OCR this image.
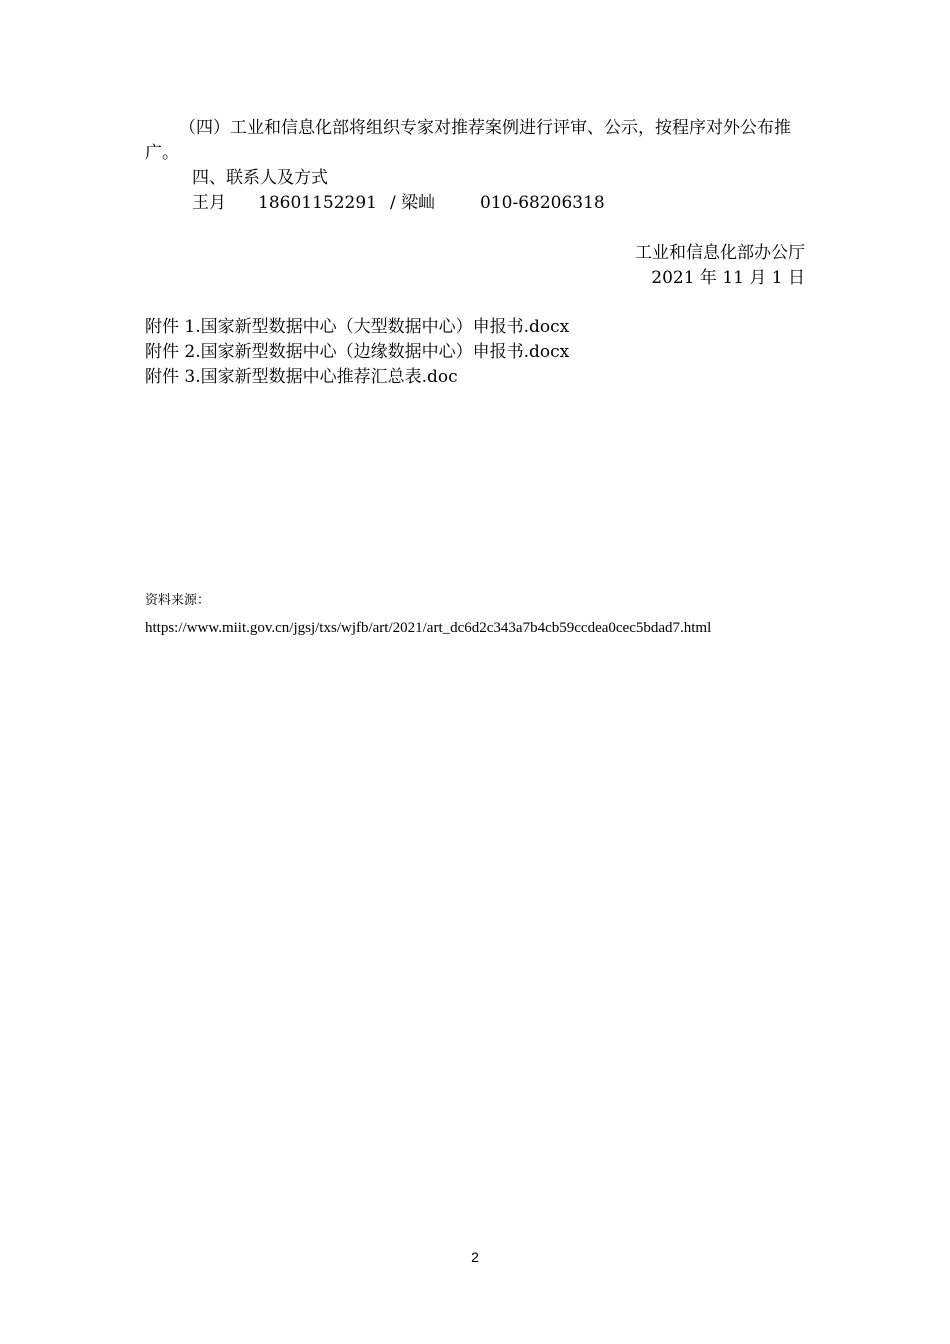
（四）工业和信息化部将组织专家对推荐案例进行评审、公示，按程序对外公布推广。
四、联系人及方式
王月 18601152291 / 梁屾	010-68206318
工业和信息化部办公厅
2021 年 11 月 1 日
附件 1.国家新型数据中心（大型数据中心）申报书.docx
附件 2.国家新型数据中心（边缘数据中心）申报书.docx
附件 3.国家新型数据中心推荐汇总表.doc
资料来源：
https://www.miit.gov.cn/jgsj/txs/wjfb/art/2021/art_dc6d2c343a7b4cb59ccdea0cec5bdad7.html
2
